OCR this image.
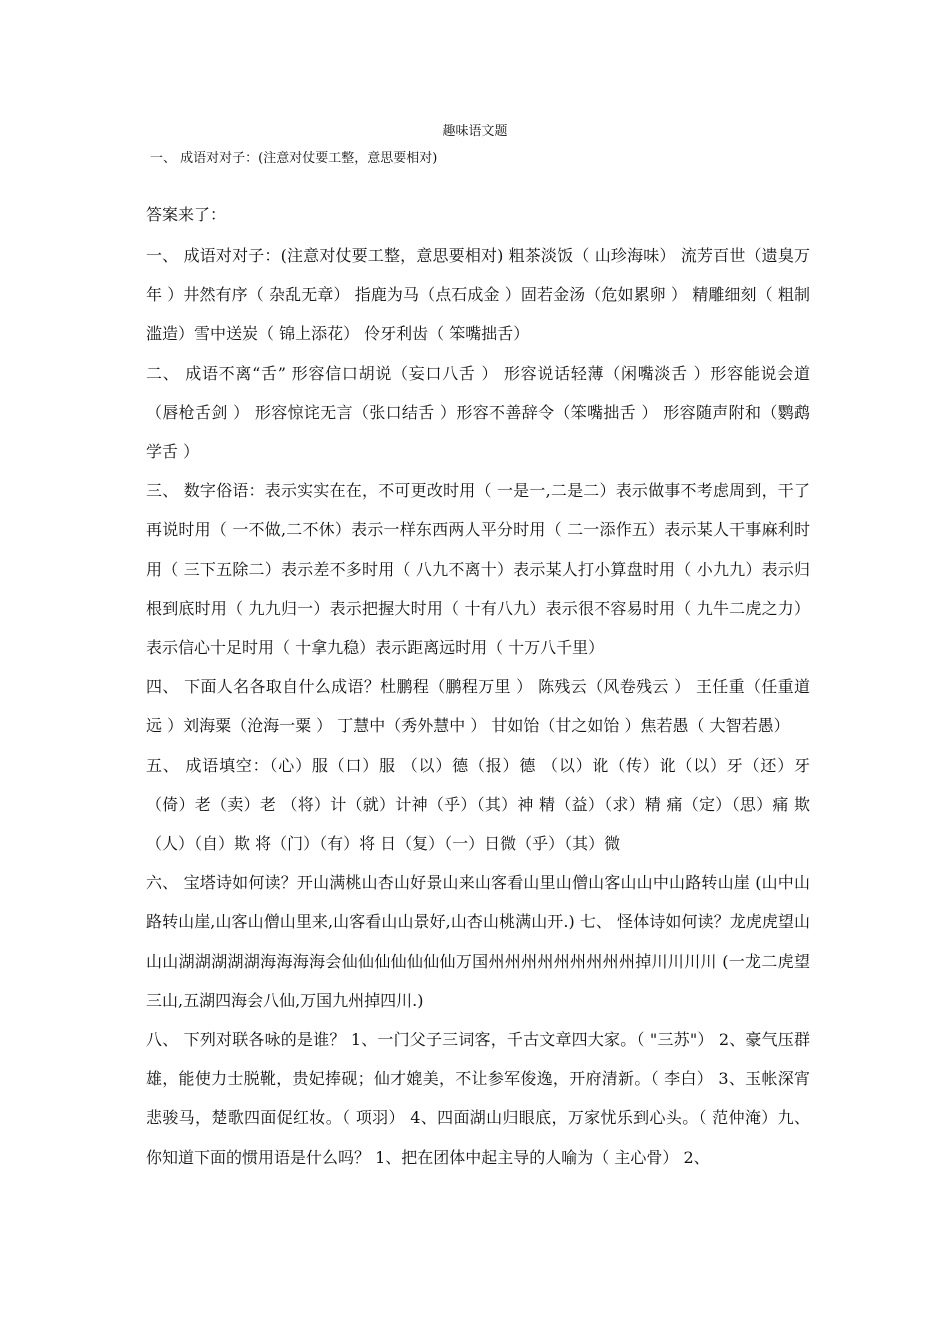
趣味语文题
一、 成语对对子：(注意对仗要工整，意思要相对)
答案来了：

一、 成语对对子：(注意对仗要工整，意思要相对) 粗茶淡饭（ 山珍海味） 流芳百世（遗臭万年 ）井然有序（ 杂乱无章） 指鹿为马（点石成金 ）固若金汤（危如累卵 ） 精雕细刻（ 粗制滥造）雪中送炭（ 锦上添花） 伶牙利齿（ 笨嘴拙舌）

二、 成语不离“舌” 形容信口胡说（妄口八舌 ） 形容说话轻薄（闲嘴淡舌 ）形容能说会道（唇枪舌剑 ） 形容惊诧无言（张口结舌 ）形容不善辞令（笨嘴拙舌 ） 形容随声附和（鹦鹉学舌 ）

三、 数字俗语：表示实实在在，不可更改时用（ 一是一,二是二）表示做事不考虑周到，干了再说时用（ 一不做,二不休）表示一样东西两人平分时用（ 二一添作五）表示某人干事麻利时用（ 三下五除二）表示差不多时用（ 八九不离十）表示某人打小算盘时用（ 小九九）表示归根到底时用（ 九九归一）表示把握大时用（ 十有八九）表示很不容易时用（ 九牛二虎之力）表示信心十足时用（ 十拿九稳）表示距离远时用（ 十万八千里）

四、 下面人名各取自什么成语？杜鹏程（鹏程万里 ） 陈残云（风卷残云 ） 王任重（任重道远 ）刘海粟（沧海一粟 ） 丁慧中（秀外慧中 ） 甘如饴（甘之如饴 ）焦若愚（ 大智若愚）

五、 成语填空：（心）服（口）服 （以）德（报）德 （以）讹（传）讹（以）牙（还）牙（倚）老（卖）老 （将）计（就）计神（乎）（其）神 精（益）（求）精 痛（定）（思）痛 欺（人）（自）欺 将（门）（有）将 日（复）（一）日微（乎）（其）微

六、 宝塔诗如何读？开山满桃山杏山好景山来山客看山里山僧山客山山中山路转山崖 (山中山路转山崖,山客山僧山里来,山客看山山景好,山杏山桃满山开.) 七、 怪体诗如何读？龙虎虎望山山山湖湖湖湖湖海海海海会仙仙仙仙仙仙仙万国州州州州州州州州州掉川川川川 (一龙二虎望三山,五湖四海会八仙,万国九州掉四川.)

八、 下列对联各咏的是谁？ 1、一门父子三词客，千古文章四大家。（ "三苏"） 2、豪气压群雄，能使力士脱靴，贵妃捧砚；仙才媲美，不让参军俊逸，开府清新。（ 李白） 3、玉帐深宵悲骏马，楚歌四面促红妆。（ 项羽） 4、四面湖山归眼底，万家忧乐到心头。（ 范仲淹）九、 你知道下面的惯用语是什么吗？ 1、把在团体中起主导的人喻为（ 主心骨） 2、
